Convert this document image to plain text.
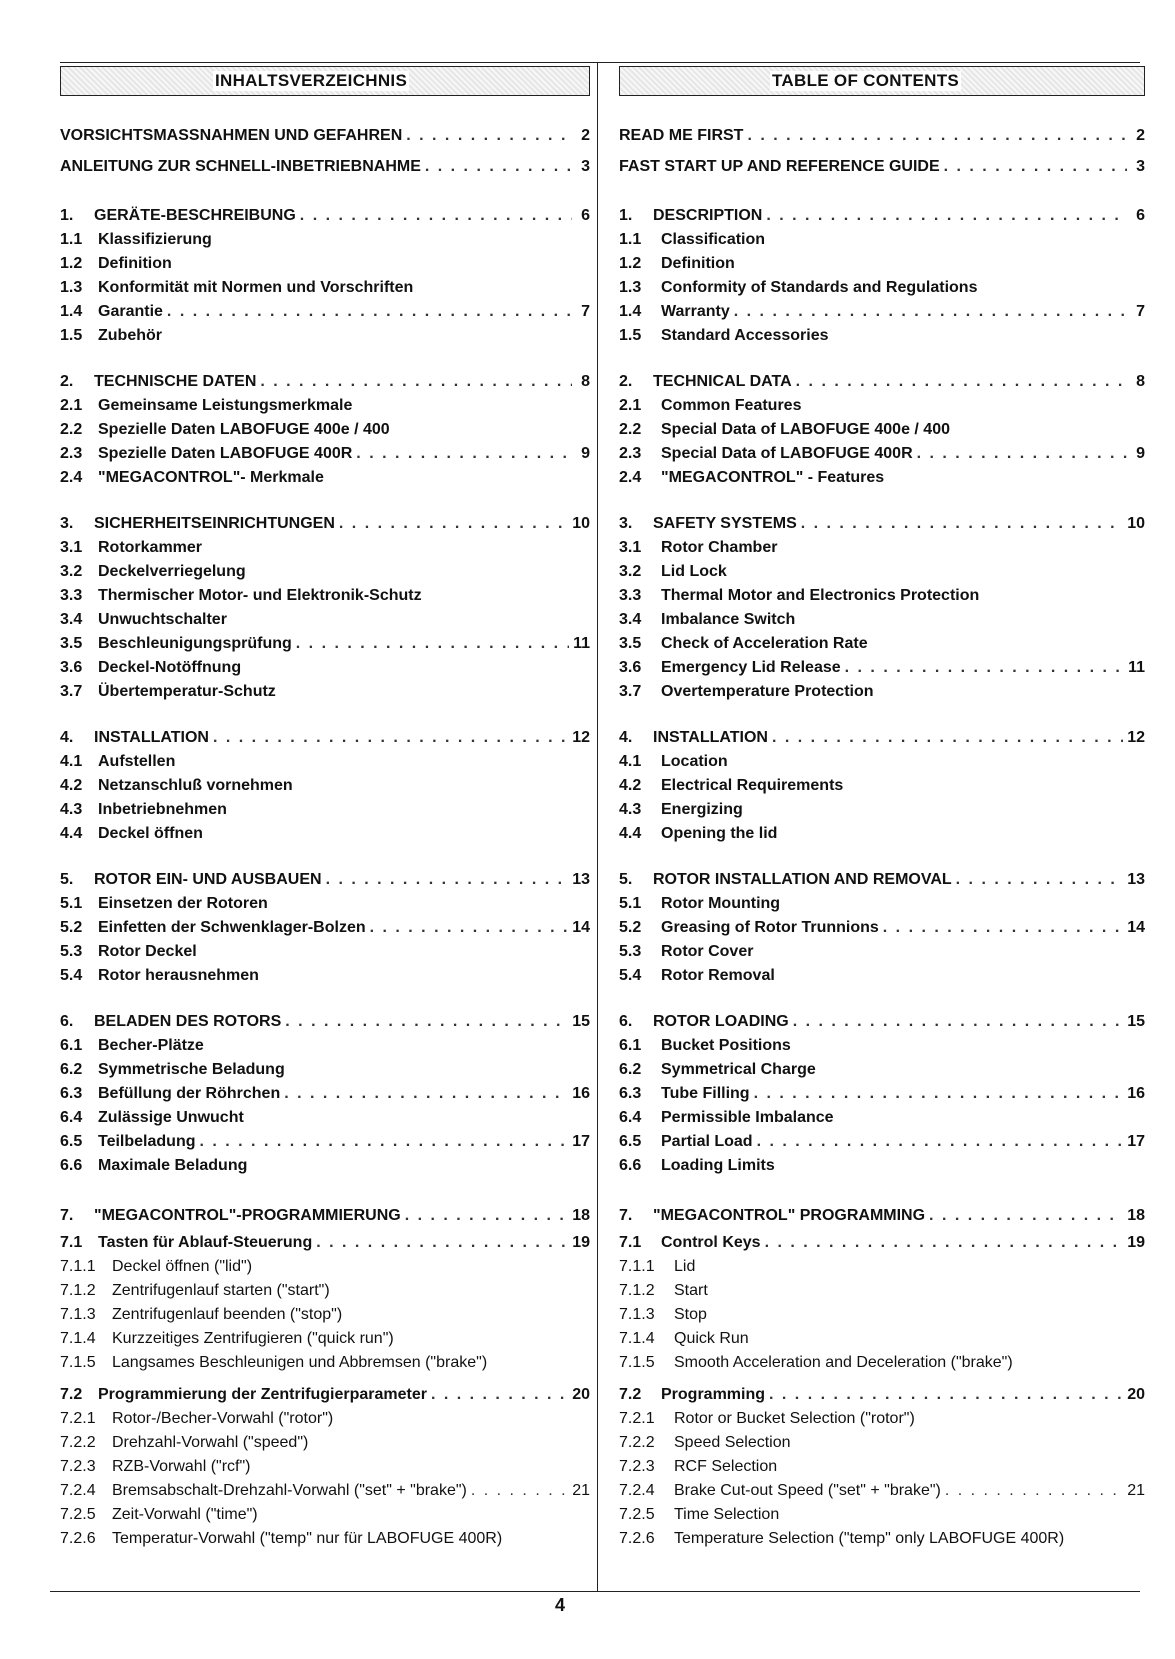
INHALTSVERZEICHNIS
VORSICHTSMASSNAHMEN UND GEFAHREN . . .	2
ANLEITUNG ZUR SCHNELL-INBETRIEBNAHME . . .	3
1.	GERÄTE-BESCHREIBUNG . . .	6
1.1 Klassifizierung
1.2 Definition
1.3 Konformität mit Normen und Vorschriften
1.4 Garantie . . .	7
1.5 Zubehör
2.	TECHNISCHE DATEN . . .	8
2.1 Gemeinsame Leistungsmerkmale
2.2 Spezielle Daten LABOFUGE 400e / 400
2.3 Spezielle Daten LABOFUGE 400R . . .	9
2.4 "MEGACONTROL"- Merkmale
3.	SICHERHEITSEINRICHTUNGEN . . .	10
3.1 Rotorkammer
3.2 Deckelverriegelung
3.3 Thermischer Motor- und Elektronik-Schutz
3.4 Unwuchtschalter
3.5 Beschleunigungsprüfung . . .	11
3.6 Deckel-Notöffnung
3.7 Übertemperatur-Schutz
4.	INSTALLATION . . .	12
4.1 Aufstellen
4.2 Netzanschluß vornehmen
4.3 Inbetriebnehmen
4.4 Deckel öffnen
5.	ROTOR EIN- UND AUSBAUEN . . .	13
5.1 Einsetzen der Rotoren
5.2 Einfetten der Schwenklager-Bolzen . . .	14
5.3 Rotor Deckel
5.4 Rotor herausnehmen
6.	BELADEN DES ROTORS . . .	15
6.1 Becher-Plätze
6.2 Symmetrische Beladung
6.3 Befüllung der Röhrchen . . .	16
6.4 Zulässige Unwucht
6.5 Teilbeladung . . .	17
6.6 Maximale Beladung
7.	"MEGACONTROL"-PROGRAMMIERUNG . . .	18
7.1 Tasten für Ablauf-Steuerung . . .	19
7.1.1	Deckel öffnen ("lid")
7.1.2	Zentrifugenlauf starten ("start")
7.1.3	Zentrifugenlauf beenden ("stop")
7.1.4	Kurzzeitiges Zentrifugieren ("quick run")
7.1.5	Langsames Beschleunigen und Abbremsen ("brake")
7.2 Programmierung der Zentrifugierparameter . . .	20
7.2.1	Rotor-/Becher-Vorwahl ("rotor")
7.2.2	Drehzahl-Vorwahl ("speed")
7.2.3	RZB-Vorwahl ("rcf")
7.2.4	Bremsabschalt-Drehzahl-Vorwahl ("set" + "brake") . . .	21
7.2.5	Zeit-Vorwahl ("time")
7.2.6	Temperatur-Vorwahl ("temp" nur für LABOFUGE 400R)
TABLE OF CONTENTS
READ ME FIRST . . .	2
FAST START UP AND REFERENCE GUIDE . . .	3
1.	DESCRIPTION . . .	6
1.1	Classification
1.2	Definition
1.3	Conformity of Standards and Regulations
1.4	Warranty . . .	7
1.5	Standard Accessories
2.	TECHNICAL DATA . . .	8
2.1	Common Features
2.2	Special Data of LABOFUGE 400e / 400
2.3	Special Data of LABOFUGE 400R . . .	9
2.4	"MEGACONTROL" - Features
3.	SAFETY SYSTEMS . . .	10
3.1	Rotor Chamber
3.2	Lid Lock
3.3	Thermal Motor and Electronics Protection
3.4	Imbalance Switch
3.5	Check of Acceleration Rate
3.6	Emergency Lid Release . . .	11
3.7	Overtemperature Protection
4.	INSTALLATION . . .	12
4.1	Location
4.2	Electrical Requirements
4.3	Energizing
4.4	Opening the lid
5.	ROTOR INSTALLATION AND REMOVAL . . .	13
5.1	Rotor Mounting
5.2	Greasing of Rotor Trunnions . . .	14
5.3	Rotor Cover
5.4	Rotor Removal
6.	ROTOR LOADING . . .	15
6.1	Bucket Positions
6.2	Symmetrical Charge
6.3	Tube Filling . . .	16
6.4	Permissible Imbalance
6.5	Partial Load . . .	17
6.6	Loading Limits
7.	"MEGACONTROL" PROGRAMMING . . .	18
7.1	Control Keys . . .	19
7.1.1	Lid
7.1.2	Start
7.1.3	Stop
7.1.4	Quick Run
7.1.5	Smooth Acceleration and Deceleration ("brake")
7.2	Programming . . .	20
7.2.1	Rotor or Bucket Selection ("rotor")
7.2.2	Speed Selection
7.2.3	RCF Selection
7.2.4	Brake Cut-out Speed ("set" + "brake") . . .	21
7.2.5	Time Selection
7.2.6	Temperature Selection ("temp" only LABOFUGE 400R)
4
